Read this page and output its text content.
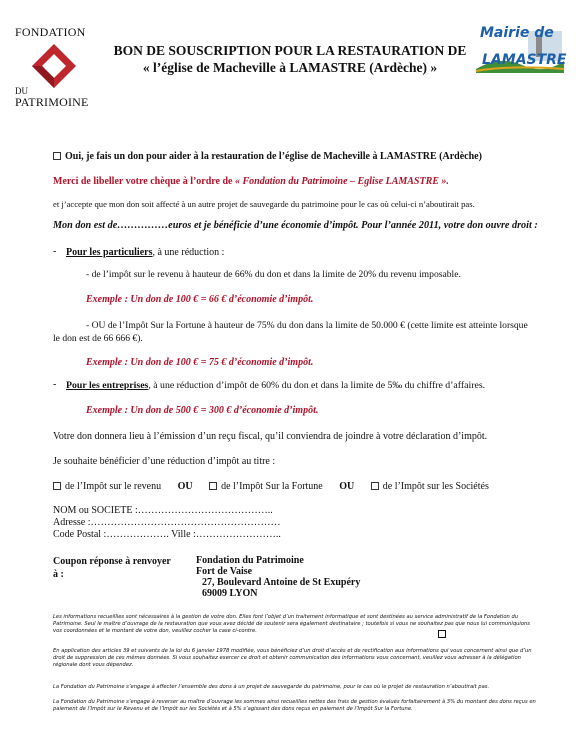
FONDATION
DU
PATRIMOINE
BON DE SOUSCRIPTION POUR LA RESTAURATION DE
« l’église de Macheville à LAMASTRE (Ardèche) »
Mairie de
LAMASTRE
Oui, je fais un don pour aider à la restauration de l’église de Macheville à LAMASTRE (Ardèche)
Merci de libeller votre chèque à l’ordre de « Fondation du Patrimoine – Eglise LAMASTRE ».
et j’accepte que mon don soit affecté à un autre projet de sauvegarde du patrimoine pour le cas où celui-ci n’aboutirait pas.
Mon don est de……………euros et je bénéficie d’une économie d’impôt. Pour l’année 2011, votre don ouvre droit :
- Pour les particuliers, à une réduction :
- de l’impôt sur le revenu à hauteur de 66% du don et dans la limite de 20% du revenu imposable.
Exemple : Un don de 100 € = 66 € d’économie d’impôt.
- OU de l’Impôt Sur la Fortune à hauteur de 75% du don dans la limite de 50.000 € (cette limite est atteinte lorsque le don est de 66 666 €).
Exemple : Un don de 100 € = 75 € d’économie d’impôt.
- Pour les entreprises, à une réduction d’impôt de 60% du don et dans la limite de 5‰ du chiffre d’affaires.
Exemple : Un don de 500 € = 300 € d’économie d’impôt.
Votre don donnera lieu à l’émission d’un reçu fiscal, qu’il conviendra de joindre à votre déclaration d’impôt.
Je souhaite bénéficier d’une réduction d’impôt au titre :
de l’Impôt sur le revenu OU	de l’Impôt Sur la Fortune OU	de l’Impôt sur les Sociétés
NOM ou SOCIETE :…………………………………..
Adresse :…………………………………………………
Code Postal :………………. Ville :……………………..
Coupon réponse à renvoyer à :
Fondation du Patrimoine
Fort de Vaise
27, Boulevard Antoine de St Exupéry
69009 LYON
Les informations recueillies sont nécessaires à la gestion de votre don. Elles font l’objet d’un traitement informatique et sont destinées au service administratif de la Fondation du Patrimoine. Seul le maître d’ouvrage de la restauration que vous avez décidé de soutenir sera également destinataire ; toutefois si vous ne souhaitez pas que nous lui communiquions vos coordonnées et le montant de votre don, veuillez cocher la case ci-contre.
En application des articles 39 et suivants de la loi du 6 janvier 1978 modifiée, vous bénéficiez d’un droit d’accès et de rectification aux informations qui vous concernent ainsi que d’un droit de suppression de ces mêmes données. Si vous souhaitez exercer ce droit et obtenir communication des informations vous concernant, veuillez vous adresser à la délégation régionale dont vous dépendez.
La Fondation du Patrimoine s’engage à affecter l’ensemble des dons à un projet de sauvegarde du patrimoine, pour le cas où le projet de restauration n’aboutirait pas.
La Fondation du Patrimoine s’engage à reverser au maître d’ouvrage les sommes ainsi recueillies nettes des frais de gestion évalués forfaitairement à 3% du montant des dons reçus en paiement de l’Impôt sur le Revenu et de l’Impôt sur les Sociétés et à 5% s’agissant des dons reçus en paiement de l’Impôt Sur la Fortune.
